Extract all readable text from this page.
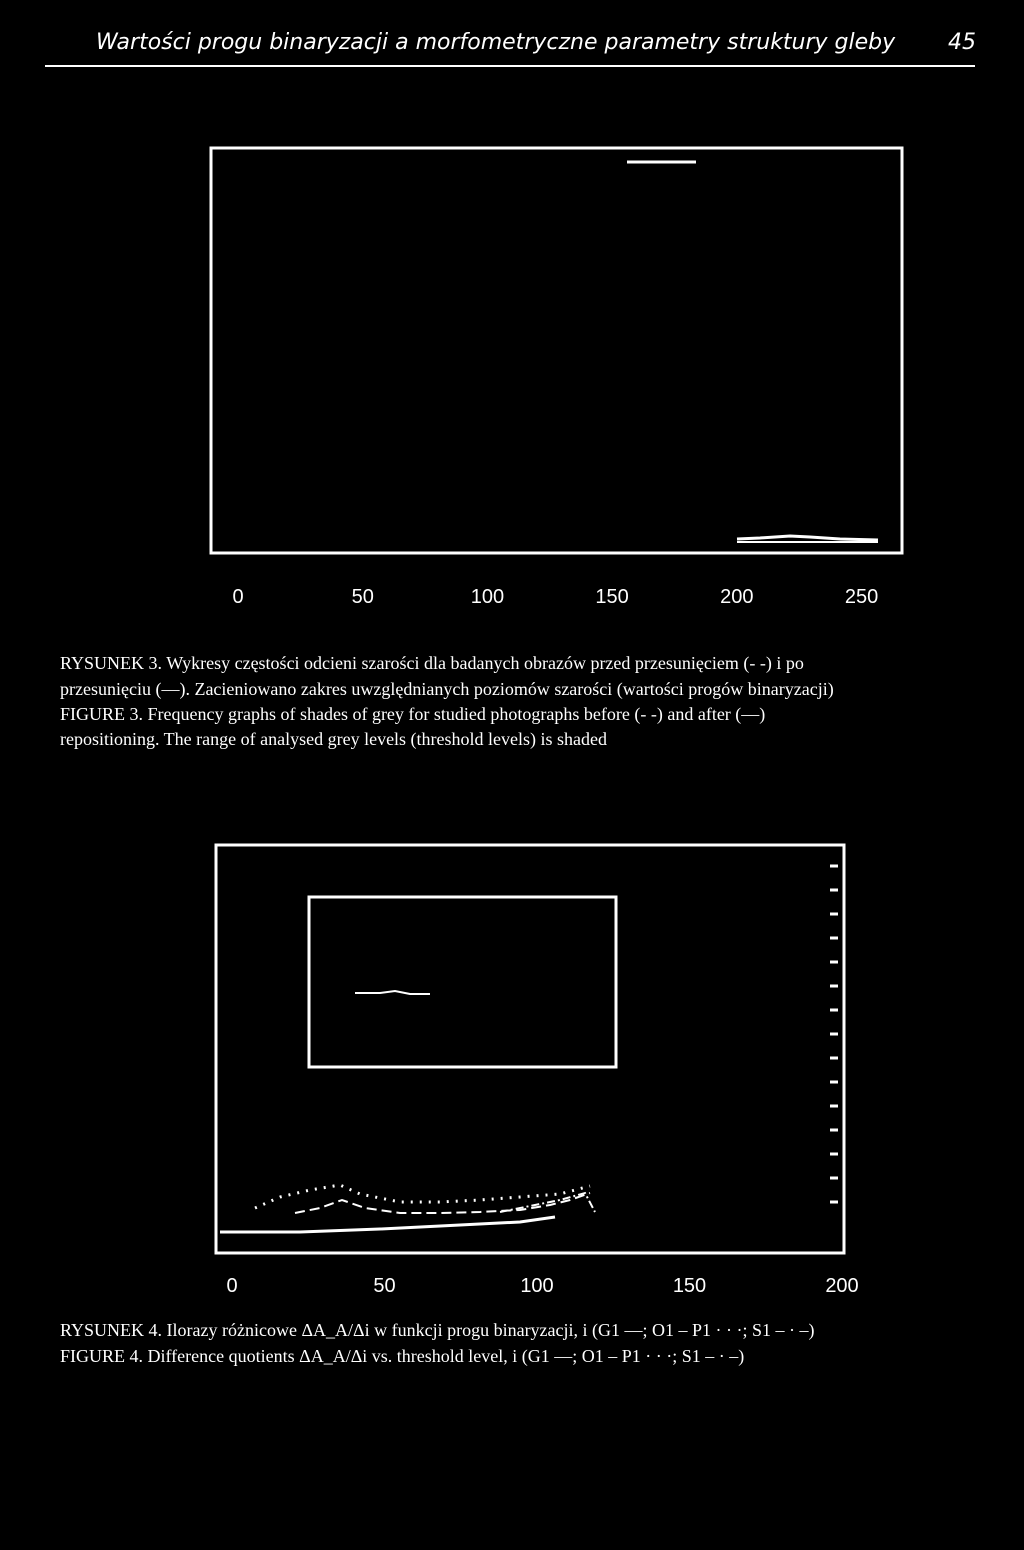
Wartości progu binaryzacji a morfometryczne parametry struktury gleby 45
0	50	100	150	200	250
0	50	100	150	200
RYSUNEK 3. Wykresy częstości odcieni szarości dla badanych obrazów przed przesunięciem (- -) i po
przesunięciu (—). Zacieniowano zakres uwzględnianych poziomów szarości (wartości progów binaryzacji)
FIGURE 3. Frequency graphs of shades of grey for studied photographs before (- -) and after (—)
repositioning. The range of analysed grey levels (threshold levels) is shaded
RYSUNEK 4. Ilorazy różnicowe ΔA_A/Δi w funkcji progu binaryzacji, i (G1 —; O1 – P1 · · ·; S1 – · –)
FIGURE 4. Difference quotients ΔA_A/Δi vs. threshold level, i (G1 —; O1 – P1 · · ·; S1 – · –)
